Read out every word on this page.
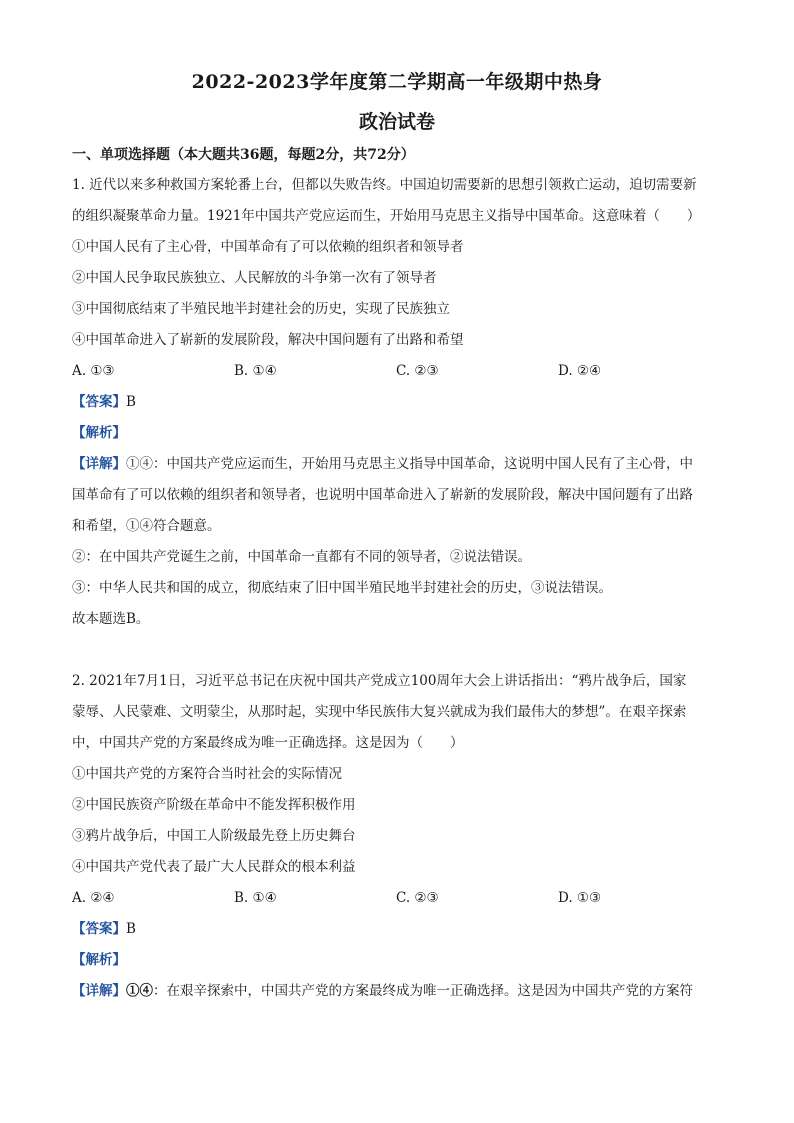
2022-2023学年度第二学期高一年级期中热身
政治试卷

一、单项选择题（本大题共36题，每题2分，共72分）

1. 近代以来多种救国方案轮番上台，但都以失败告终。中国迫切需要新的思想引领救亡运动，迫切需要新

的组织凝聚革命力量。1921年中国共产党应运而生，开始用马克思主义指导中国革命。这意味着（　　）

①中国人民有了主心骨，中国革命有了可以依赖的组织者和领导者

②中国人民争取民族独立、人民解放的斗争第一次有了领导者

③中国彻底结束了半殖民地半封建社会的历史，实现了民族独立

④中国革命进入了崭新的发展阶段，解决中国问题有了出路和希望

A. ①③	B. ①④	C. ②③	D. ②④

【答案】B

【解析】

【详解】①④：中国共产党应运而生，开始用马克思主义指导中国革命，这说明中国人民有了主心骨，中

国革命有了可以依赖的组织者和领导者，也说明中国革命进入了崭新的发展阶段，解决中国问题有了出路

和希望，①④符合题意。

②：在中国共产党诞生之前，中国革命一直都有不同的领导者，②说法错误。

③：中华人民共和国的成立，彻底结束了旧中国半殖民地半封建社会的历史，③说法错误。

故本题选B。

2. 2021年7月1日，习近平总书记在庆祝中国共产党成立100周年大会上讲话指出：“鸦片战争后，国家

蒙辱、人民蒙难、文明蒙尘，从那时起，实现中华民族伟大复兴就成为我们最伟大的梦想”。在艰辛探索

中，中国共产党的方案最终成为唯一正确选择。这是因为（　　）

①中国共产党的方案符合当时社会的实际情况

②中国民族资产阶级在革命中不能发挥积极作用

③鸦片战争后，中国工人阶级最先登上历史舞台

④中国共产党代表了最广大人民群众的根本利益

A. ②④	B. ①④	C. ②③	D. ①③

【答案】B

【解析】

【详解】①④：在艰辛探索中，中国共产党的方案最终成为唯一正确选择。这是因为中国共产党的方案符
